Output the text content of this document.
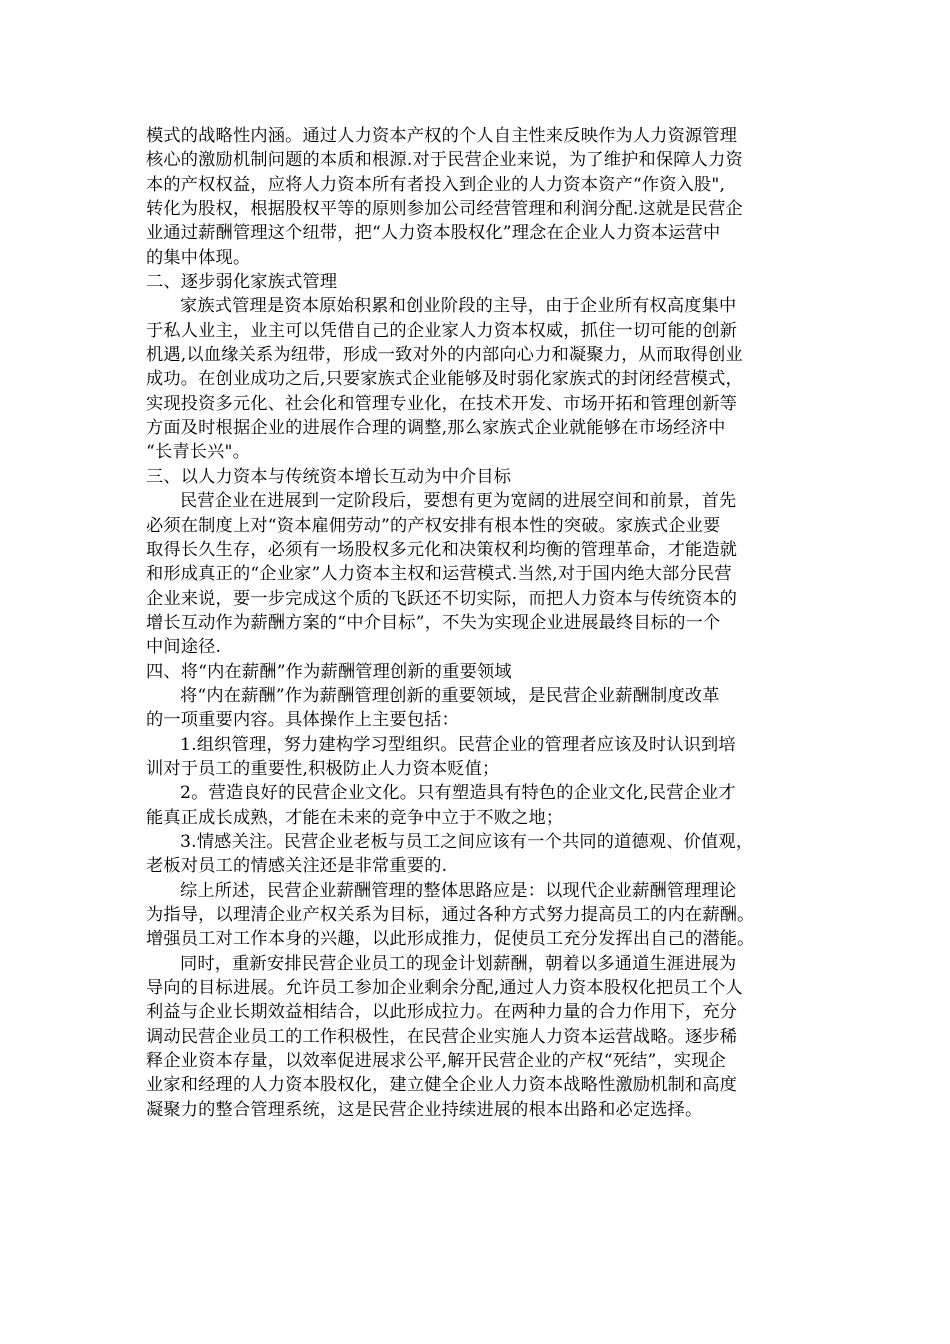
模式的战略性内涵。通过人力资本产权的个人自主性来反映作为人力资源管理
核心的激励机制问题的本质和根源.对于民营企业来说，为了维护和保障人力资
本的产权权益，应将人力资本所有者投入到企业的人力资本资产“作资入股",
转化为股权，根据股权平等的原则参加公司经营管理和利润分配.这就是民营企
业通过薪酬管理这个纽带，把“人力资本股权化”理念在企业人力资本运营中
的集中体现。
二、逐步弱化家族式管理
家族式管理是资本原始积累和创业阶段的主导，由于企业所有权高度集中
于私人业主，业主可以凭借自己的企业家人力资本权威，抓住一切可能的创新
机遇,以血缘关系为纽带，形成一致对外的内部向心力和凝聚力，从而取得创业
成功。在创业成功之后,只要家族式企业能够及时弱化家族式的封闭经营模式，
实现投资多元化、社会化和管理专业化，在技术开发、市场开拓和管理创新等
方面及时根据企业的进展作合理的调整,那么家族式企业就能够在市场经济中
“长青长兴"。
三、以人力资本与传统资本增长互动为中介目标
民营企业在进展到一定阶段后，要想有更为宽阔的进展空间和前景，首先
必须在制度上对“资本雇佣劳动”的产权安排有根本性的突破。家族式企业要
取得长久生存，必须有一场股权多元化和决策权利均衡的管理革命，才能造就
和形成真正的“企业家”人力资本主权和运营模式.当然,对于国内绝大部分民营
企业来说，要一步完成这个质的飞跃还不切实际，而把人力资本与传统资本的
增长互动作为薪酬方案的“中介目标”，不失为实现企业进展最终目标的一个
中间途径.
四、将“内在薪酬”作为薪酬管理创新的重要领域
将“内在薪酬”作为薪酬管理创新的重要领域，是民营企业薪酬制度改革
的一项重要内容。具体操作上主要包括：
1.组织管理，努力建构学习型组织。民营企业的管理者应该及时认识到培
训对于员工的重要性,积极防止人力资本贬值；
2。营造良好的民营企业文化。只有塑造具有特色的企业文化,民营企业才
能真正成长成熟，才能在未来的竞争中立于不败之地；
3.情感关注。民营企业老板与员工之间应该有一个共同的道德观、价值观，
老板对员工的情感关注还是非常重要的.
综上所述，民营企业薪酬管理的整体思路应是：以现代企业薪酬管理理论
为指导，以理清企业产权关系为目标，通过各种方式努力提高员工的内在薪酬。
增强员工对工作本身的兴趣，以此形成推力，促使员工充分发挥出自己的潜能。
同时，重新安排民营企业员工的现金计划薪酬，朝着以多通道生涯进展为
导向的目标进展。允许员工参加企业剩余分配,通过人力资本股权化把员工个人
利益与企业长期效益相结合，以此形成拉力。在两种力量的合力作用下，充分
调动民营企业员工的工作积极性，在民营企业实施人力资本运营战略。逐步稀
释企业资本存量，以效率促进展求公平,解开民营企业的产权“死结”，实现企
业家和经理的人力资本股权化，建立健全企业人力资本战略性激励机制和高度
凝聚力的整合管理系统，这是民营企业持续进展的根本出路和必定选择。
